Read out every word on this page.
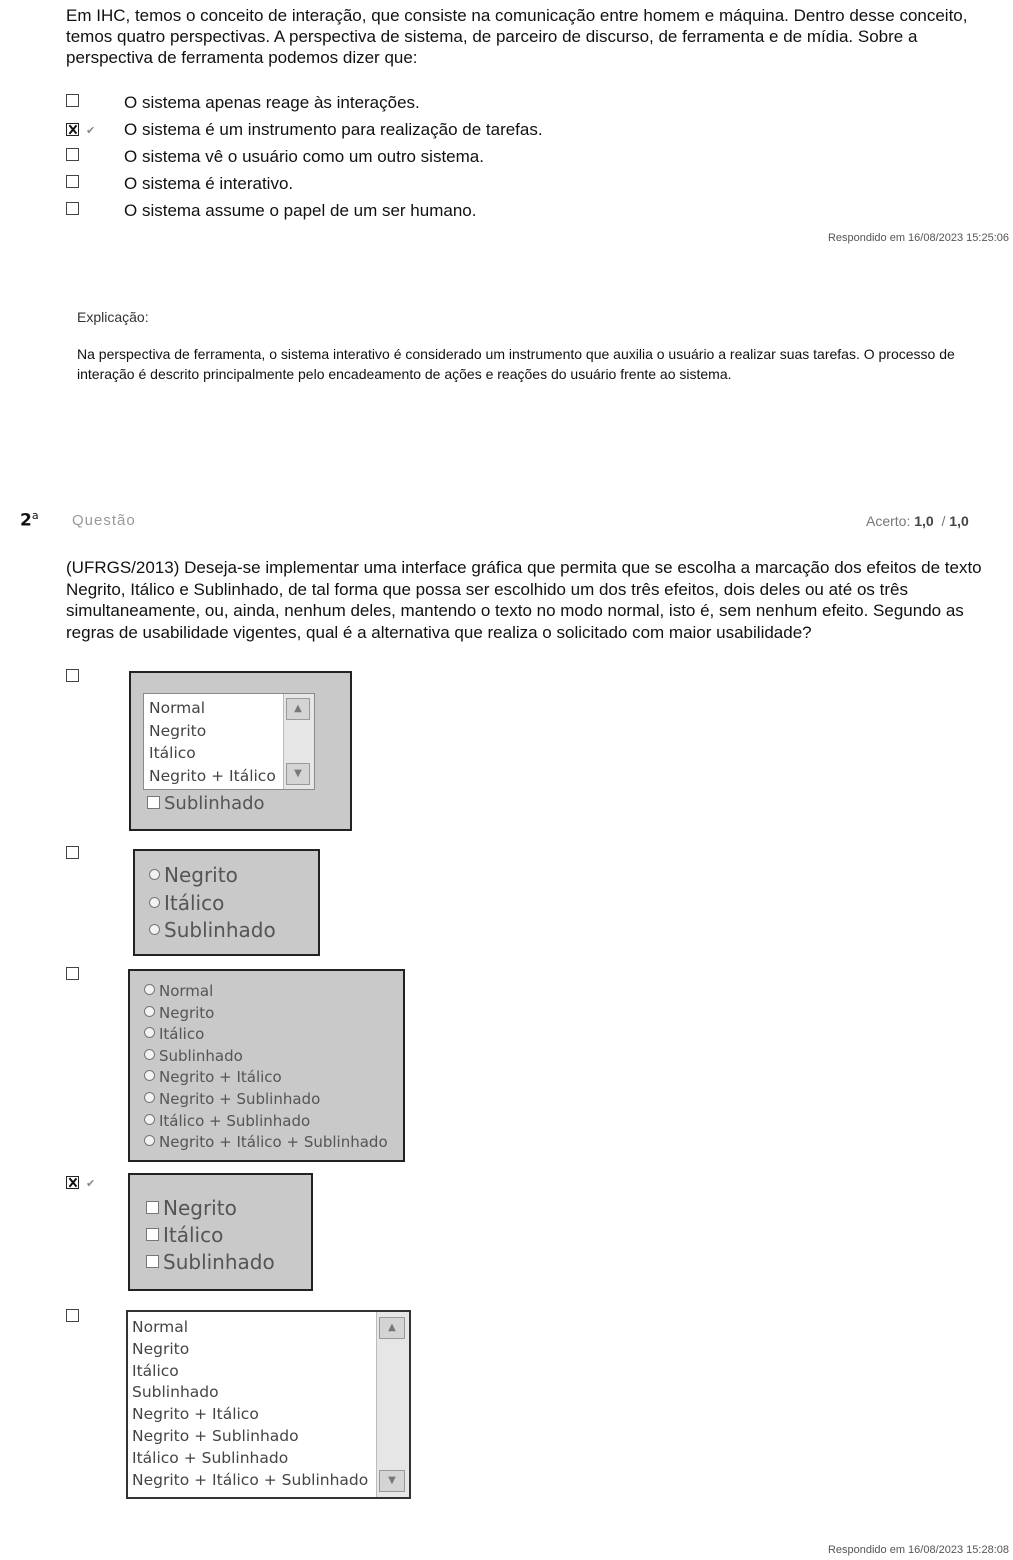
Em IHC, temos o conceito de interação, que consiste na comunicação entre homem e máquina. Dentro desse conceito, temos quatro perspectivas. A perspectiva de sistema, de parceiro de discurso, de ferramenta e de mídia. Sobre a perspectiva de ferramenta podemos dizer que:
O sistema apenas reage às interações.
✔ O sistema é um instrumento para realização de tarefas.
O sistema vê o usuário como um outro sistema.
O sistema é interativo.
O sistema assume o papel de um ser humano.
Respondido em 16/08/2023 15:25:06
Explicação:
Na perspectiva de ferramenta, o sistema interativo é considerado um instrumento que auxilia o usuário a realizar suas tarefas. O processo de interação é descrito principalmente pelo encadeamento de ações e reações do usuário frente ao sistema.
2$^a$ Questão	Acerto: 1,0 / 1,0
(UFRGS/2013) Deseja-se implementar uma interface gráfica que permita que se escolha a marcação dos efeitos de texto Negrito, Itálico e Sublinhado, de tal forma que possa ser escolhido um dos três efeitos, dois deles ou até os três simultaneamente, ou, ainda, nenhum deles, mantendo o texto no modo normal, isto é, sem nenhum efeito. Segundo as regras de usabilidade vigentes, qual é a alternativa que realiza o solicitado com maior usabilidade?
Normal
Negrito
Itálico
Negrito + Itálico
▲
▼
Sublinhado
Negrito
Itálico
Sublinhado
Normal
Negrito
Itálico
Sublinhado
Negrito + Itálico
Negrito + Sublinhado
Itálico + Sublinhado
Negrito + Itálico + Sublinhado
✔
Negrito
Itálico
Sublinhado
Normal
Negrito
Itálico
Sublinhado
Negrito + Itálico
Negrito + Sublinhado
Itálico + Sublinhado
Negrito + Itálico + Sublinhado
▲
▼
Respondido em 16/08/2023 15:28:08
